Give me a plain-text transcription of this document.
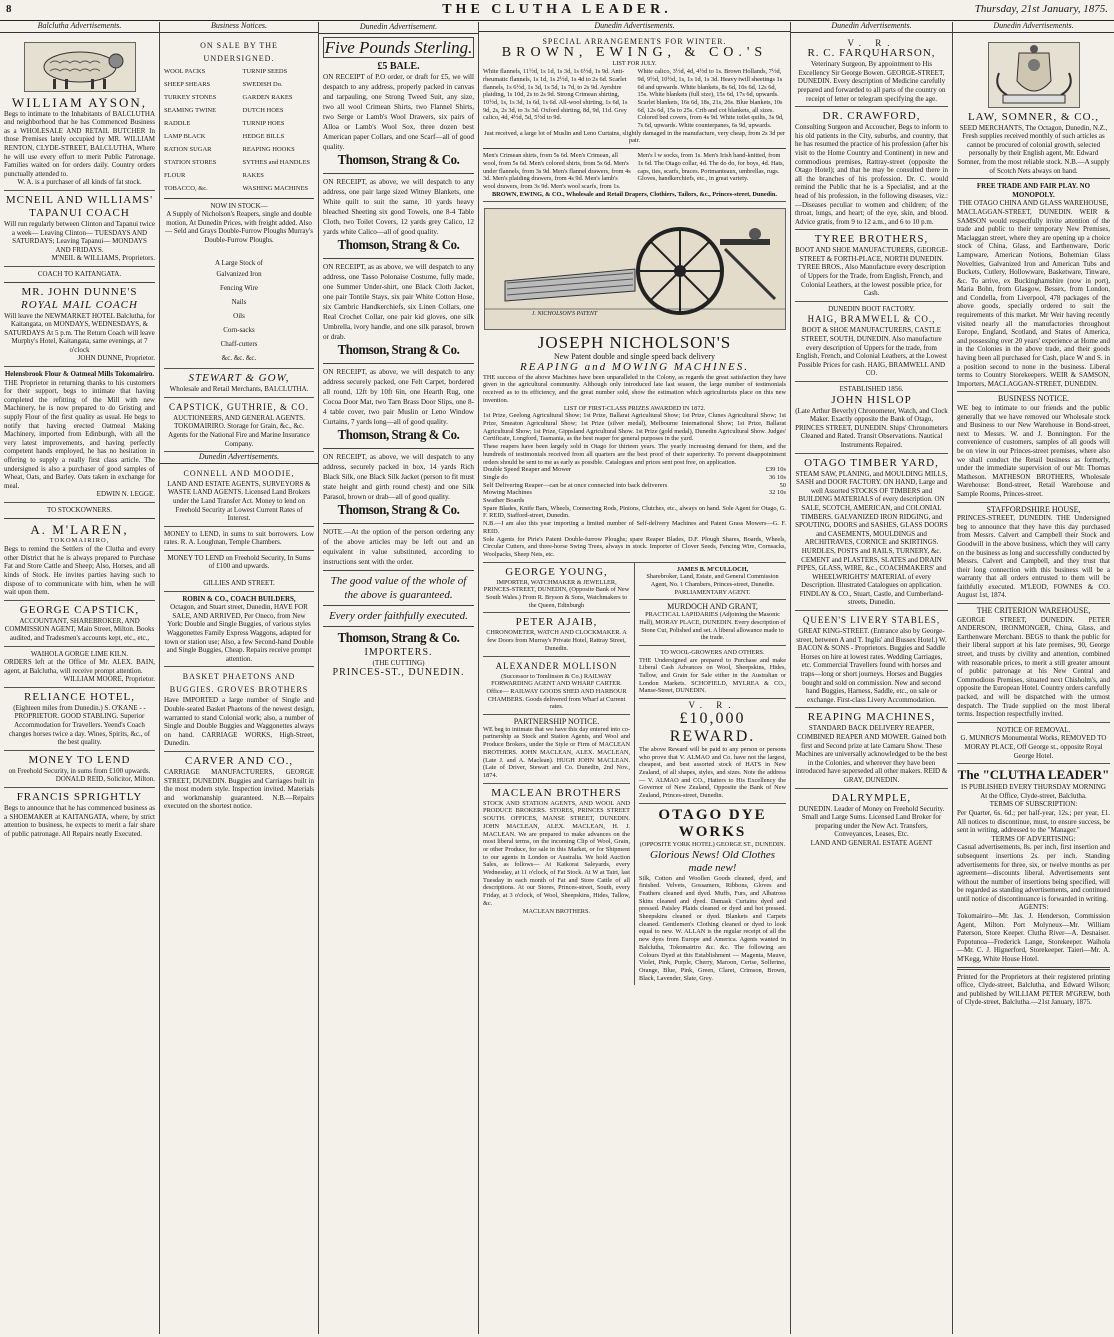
8	THE CLUTHA LEADER.	Thursday, 21st January, 1875.
Balclutha Advertisements.
WILLIAM AYSON,
Begs to intimate to the Inhabitants of BALCLUTHA and neighborhood that he has Commenced Business as a WHOLESALE AND RETAIL BUTCHER In those Premises lately occupied by MR. WILLIAM RENTON, CLYDE-STREET, BALCLUTHA, Where he will use every effort to merit Public Patronage. Families waited on for orders daily. Country orders punctually attended to.
W. A. is a purchaser of all kinds of fat stock.
MCNEIL AND WILLIAMS' TAPANUI COACH
Will run regularly between Clinton and Tapanui twice a week— Leaving Clinton— TUESDAYS AND SATURDAYS; Leaving Tapanui— MONDAYS AND FRIDAYS.
M'NEIL & WILLIAMS, Proprietors.
COACH TO KAITANGATA.
MR. JOHN DUNNE'S
ROYAL MAIL COACH
Will leave the NEWMARKET HOTEL Balclutha, for Kaitangata, on MONDAYS, WEDNESDAYS, & SATURDAYS At 5 p.m. The Return Coach will leave Murphy's Hotel, Kaitangata, same evenings, at 7 o'clock
JOHN DUNNE, Proprietor.
Helensbrook Flour & Oatmeal Mills Tokomairiro.
THE Proprietor in returning thanks to his customers for their support, begs to intimate that having completed the refitting of the Mill with new Machinery, he is now prepared to do Gristing and supply Flour of the first quality as usual. He begs to notify that having erected Oatmeal Making Machinery, imported from Edinburgh, with all the very latest improvements, and having perfectly competent hands employed, he has no hesitation in offering to supply a really first class article. The undersigned is also a purchaser of good samples of Wheat, Oats, and Barley. Oats taken in exchange for meal.
EDWIN N. LEGGE.
TO STOCKOWNERS.
A. M'LAREN,
TOKOMAIRIRO,
Begs to remind the Settlers of the Clutha and every other District that he is always prepared to Purchase Fat and Store Cattle and Sheep; Also, Horses, and all kinds of Stock. He invites parties having such to dispose of to communicate with him, when he will wait upon them.
GEORGE CAPSTICK,
ACCOUNTANT, SHAREBROKER, AND COMMISSION AGENT, Main Street, Milton. Books audited, and Tradesmen's accounts kept, etc., etc.,
WAIHOLA GORGE LIME KILN.
ORDERS left at the Office of Mr. ALEX. BAIN, agent, at Balclutha, will receive prompt attention.
WILLIAM MOORE, Proprietor.
RELIANCE HOTEL,
(Eighteen miles from Dunedin.) S. O'KANE - - PROPRIETOR. GOOD STABLING. Superior Accommodation for Travellers. Yeend's Coach changes horses twice a day. Wines, Spirits, &c., of the best quality.
MONEY TO LEND
on Freehold Security, in sums from £100 upwards.
DONALD REID, Solicitor, Milton.
FRANCIS SPRIGHTLY
Begs to announce that he has commenced business as a SHOEMAKER at KAITANGATA, where, by strict attention to business, he expects to merit a fair share of public patronage. All Repairs neatly Executed.
Business Notices.
ON SALE BY THE UNDERSIGNED.
WOOL PACKS
SHEEP SHEARS
TURKEY STONES
SEAMING TWINE
RADDLE
LAMP BLACK
RATION SUGAR
STATION STORES
FLOUR
TOBACCO, &c.
TURNIP SEEDS
SWEDISH Do.
GARDEN RAKES
DUTCH HOES
TURNIP HOES
HEDGE BILLS
REAPING HOOKS
SYTHES and HANDLES
RAKES
WASHING MACHINES
NOW IN STOCK—
A Supply of Nicholson's Reapers, single and double motion, At Dunedin Prices, with freight added. Also— Seld and Grays Double-Furrow Ploughs Murray's Double-Furrow Ploughs.
A Large Stock of
Galvanized Iron
Fencing Wire
Nails
Oils
Corn-sacks
Chaff-cutters
&c. &c. &c.
STEWART & GOW,
Wholesale and Retail Merchants, BALCLUTHA.
CAPSTICK, GUTHRIE, & CO.
AUCTIONEERS, AND GENERAL AGENTS. TOKOMAIRIRO. Storage for Grain, &c., &c. Agents for the National Fire and Marine Insurance Company.
Dunedin Advertisements.
CONNELL AND MOODIE,
LAND AND ESTATE AGENTS, SURVEYORS & WASTE LAND AGENTS. Licensed Land Brokers under the Land Transfer Act. Money to lend on Freehold Security at Lowest Current Rates of Interest.
MONEY to LEND, in sums to suit borrowers. Low rates. R. A. Loughnan, Temple Chambers.
MONEY TO LEND on Freehold Security, In Sums of £100 and upwards.
GILLIES AND STREET.
ROBIN & CO., COACH BUILDERS,
Octagon, and Stuart street, Dunedin, HAVE FOR SALE, AND ARRIVED, Per Oneco, from New York: Double and Single Buggies, of various styles Waggonettes Family Express Waggons, adapted for town or station use; Also, a few Second-hand Double and Single Buggies, Cheap. Repairs receive prompt attention.
BASKET PHAETONS AND BUGGIES. GROVES BROTHERS
Have IMPORTED a large number of Single and Double-seated Basket Phaetons of the newest design, warranted to stand Colonial work; also, a number of Single and Double Buggies and Waggonettes always on hand. CARRIAGE WORKS, High-Street, Dunedin.
CARVER AND CO.,
CARRIAGE MANUFACTURERS, GEORGE STREET, DUNEDIN. Buggies and Carriages built in the most modern style. Inspection invited. Materials and workmanship guaranteed. N.B.—Repairs executed on the shortest notice.
Dunedin Advertisement.
Five Pounds Sterling.
£5 BALE.
ON RECEIPT of P.O order, or draft for £5, we will despatch to any address, properly packed in canvas and tarpauling, one Strong Tweed Suit, any size, two all wool Crimean Shirts, two Flannel Shirts, two Serge or Lamb's Wool Drawers, six pairs of Alloa or Lamb's Wool Sox, three dozen best American paper Collars, and one Scarf—all of good quality.
Thomson, Strang & Co.
ON RECEIPT, as above, we will despatch to any address, one pair large sized Witney Blankets, one White quilt to suit the same, 10 yards heavy bleached Sheeting six good Towels, one 8-4 Table Cloth, two Toilet Covers, 12 yards grey Calico, 12 yards white Calico—all of good quality.
Thomson, Strang & Co.
ON RECEIPT, as as above, we will despatch to any address, one Tasso Polonaise Costume, fully made, one Summer Under-shirt, one Black Cloth Jacket, one pair Tontile Stays, six pair White Cotton Hose, six Cambric Handkerchiefs, six Linen Collars, one Real Crochet Collar, one pair kid gloves, one silk Umbrella, ivory handle, and one silk parasol, brown or drab.
Thomson, Strang & Co.
ON RECEIPT, as above, we will despatch to any address securely packed, one Felt Carpet, bordered all round, 12ft by 10ft 6in, one Hearth Rug, one Cocoa Door Mat, two Tarn Brass Door Slips, one 8-4 table cover, two pair Muslin or Leno Window Curtains, 7 yards long—all of good quality.
Thomson, Strang & Co.
ON RECEIPT, as above, we will despatch to any address, securely packed in box, 14 yards Rich Black Silk, one Black Silk Jacket (person to fit must state height and girth round chest) and one Silk Parasol, brown or drab—all of good quality.
Thomson, Strang & Co.
NOTE.—At the option of the person ordering any of the above articles may be left out and an equivalent in value substituted, according to instructions sent with the order.
The good value of the whole of the above is guaranteed.
Every order faithfully executed.
Thomson, Strang & Co.
IMPORTERS.
(THE CUTTING)
PRINCES-ST., DUNEDIN.
Dunedin Advertisements.
SPECIAL ARRANGEMENTS FOR WINTER.
BROWN, EWING, & CO.'S
LIST FOR JULY.
White flannels, 11½d, 1s 1d, 1s 3d, 1s 6½d, 1s 9d. Anti-rheumatic flannels, 1s 1d, 1s 2½d, 1s 4d to 2s 6d. Scarlet flannels, 1s 6½d, 1s 3d, 1s 5d, 1s 7d, to 2s 9d. Ayrshire plaiding, 1s 10d, 2s to 2s 9d. Strong Crimean shirting, 10½d, 1s, 1s 3d, 1s 6d, 1s 6d. All-wool shirting, 1s 6d, 1s 9d, 2s, 2s 3d, to 3s 3d. Oxford shirting, 8d, 9d, 11d. Grey calico, 4d, 4½d, 5d, 5½d to 9d.
White calico, 3½d, 4d, 4½d to 1s. Brown Hollands, 7½d, 9d, 9½d, 10½d, 1s, 1s 1d, 1s 3d. Heavy twill sheetings 1s 6d and upwards. White blankets, 8s 6d, 10s 6d, 12s 6d, 15s. White blankets (full size), 15s 6d, 17s 6d, upwards. Scarlet blankets, 16s 6d, 18s, 21s, 26s. Blue blankets, 10s 6d, 12s 6d, 15s to 25s. Crib and cot blankets, all sizes. Colored bed covers, from 4s 9d. White toilet quilts, 3s 9d, 7s 6d, upwards. White counterpanes, 6s 9d, upwards.
Just received, a large lot of Muslin and Leno Curtains, slightly damaged in the manufacture, very cheap, from 2s 3d per pair.
Men's Crimean shirts, from 5s 6d. Men's Crimean, all wool, from 5s 6d. Men's colored shirts, from 5s 6d. Men's under flannels, from 3s 9d. Men's flannel drawers, from 4s 3d. Men's plaiding drawers, from 4s 9d. Men's lamb's wool drawers, from 3s 9d. Men's wool scarfs, from 1s.
Men's l w socks, from 1s. Men's Irish hand-knitted, from 1s 6d. The Otago collar, 4d. The do do, for boys, 4d. Hats, caps, ties, scarfs, braces. Portmanteaux, umbrellas, rugs. Gloves, handkerchiefs, etc., in great variety.
BROWN, EWING, & CO., Wholesale and Retail Drapers, Clothiers, Tailors, &c., Princes-street, Dunedin.
J. NICHOLSON'S PATENT
JOSEPH NICHOLSON'S
New Patent double and single speed back delivery
REAPING and MOWING MACHINES.
THE success of the above Machines have been unparalleled in the Colony, as regards the great satisfaction they have given in the agricultural community. Although only introduced late last season, the large number of testimonials received as to its efficiency, and the great number sold, show the estimation which agriculturists place on this new invention.
LIST OF FIRST-CLASS PRIZES AWARDED IN 1872.
1st Prize, Geelong Agricultural Show; 1st Prize, Ballarat Agricultural Show; 1st Prize, Clunes Agricultural Show; 1st Prize, Smeaton Agricultural Show; 1st Prize (silver medal), Melbourne International Show; 1st Prize, Ballarat Agricultural Show; 1st Prize, Gippsland Agricultural Show. 1st Prize (gold medal), Dunedin Agricultural Show. Judges' Certificate, Longford, Tasmania, as the best reaper for general purposes in the yard.
These reapers have been largely sold in Otago for thirteen years. The yearly increasing demand for them, and the hundreds of testimonials received from all quarters are the best proof of their superiority. To prevent disappointment orders should be sent to me as early as possible. Catalogues and prices sent post free, on application.
Double Speed Reaper and Mower	£39 10s
Single do	36 10s
Self Delivering Reaper—can be at once connected into back deliverers	50
Mowing Machines	32 10s
Swather Boards	
Spare Blades, Knife Bars, Wheels, Connecting Rods, Pinions, Clutches, etc., always on hand. Sole Agent for Otago, G. F. REID, Stafford-street, Dunedin.
N.B.—I am also this year importing a limited number of Self-delivery Machines and Patent Grass Mowers—G. F. REID.
Sole Agents for Pirie's Patent Double-furrow Ploughs; spare Reaper Blades, D.F. Plough Shares, Boards, Wheels, Circular Cutters, and three-horse Swing Trees, always in stock. Importer of Clover Seeds, Fencing Wire, Cornsacks, Woolpacks, Sheep Nets, etc.
GEORGE YOUNG,
IMPORTER, WATCHMAKER & JEWELLER, PRINCES-STREET, DUNEDIN, (Opposite Bank of New South Wales.) From R. Bryson & Sons, Watchmakers to the Queen, Edinburgh
PETER AJAIB,
CHRONOMETER, WATCH AND CLOCKMAKER. A few Doors from Murray's Private Hotel, Rattray Street, Dunedin.
ALEXANDER MOLLISON
(Successor to Tomlinson & Co.) RAILWAY FORWARDING AGENT AND WHARF CARTER. Office— RAILWAY GOODS SHED AND HARBOUR CHAMBERS. Goods delivered from Wharf at Current rates.
PARTNERSHIP NOTICE.
WE beg to intimate that we have this day entered into co-partnership as Stock and Station Agents, and Wool and Produce Brokers, under the Style or Firm of MACLEAN BROTHERS. JOHN MACLEAN, ALEX. MACLEAN, (Late J. and A. Maclean). HUGH JOHN MACLEAN. (Late of Driver, Stewart and Co. Dunedin, 2nd Nov., 1874.
MACLEAN BROTHERS
STOCK AND STATION AGENTS, AND WOOL AND PRODUCE BROKERS. STORES, PRINCES STREET SOUTH. OFFICES, MANSE STREET, DUNEDIN. JOHN MACLEAN, ALEX. MACLEAN, H. J. MACLEAN. We are prepared to make advances on the most liberal terms, on the incoming Clip of Wool, Grain, or other Produce, for sale in this Market, or for Shipment to our agents in London or Australia. We hold Auction Sales, as follows— At Kaikorai Saleyards, every Wednesday, at 11 o'clock, of Fat Stock. At W at Tairi, last Tuesday in each month of Fat and Store Cattle of all descriptions. At our Stores, Princes-street, South, every Friday, at 3 o'clock, of Wool, Sheepskins, Hides, Tallow, &c.
MACLEAN BROTHERS.
JAMES B. M'CULLOCH,
Sharebroker, Land, Estate, and General Commission Agent, No. 1 Chambers, Princes-street, Dunedin. PARLIAMENTARY AGENT.
MURDOCH AND GRANT,
PRACTICAL LAPIDARIES (Adjoining the Masonic Hall), MORAY PLACE, DUNEDIN. Every description of Stone Cut, Polished and set. A liberal allowance made to the trade.
TO WOOL-GROWERS AND OTHERS.
THE Undersigned are prepared to Purchase and make Liberal Cash Advances on Wool, Sheepskins, Hides, Tallow, and Grain for Sale either in the Australian or London Markets. SCHOFIELD, MYLREA & CO., Manse-Street, DUNEDIN.
V. R.
£10,000 REWARD.
The above Reward will be paid to any person or persons who prove that V. ALMAO and Co. have not the largest, cheapest, and best assorted stock of HATS in New Zealand, of all shapes, styles, and sizes. Note the address— V. ALMAO and CO., Hatters to His Excellency the Governor of New Zealand, Opposite the Bank of New Zealand, Princes-street, Dunedin.
OTAGO DYE WORKS
(OPPOSITE YORK HOTEL) GEORGE ST., DUNEDIN.
Glorious News! Old Clothes made new!
Silk, Cotton and Woollen Goods cleaned, dyed, and finished. Velvets, Gossamers, Ribbons, Gloves and Feathers cleaned and dyed. Muffs, Furs, and Albatross Skins cleaned and dyed. Damask Curtains dyed and pressed. Paisley Plaids cleaned or dyed and hot pressed. Sheepskins cleaned or dyed. Blankets and Carpets cleaned. Gentlemen's Clothing cleaned or dyed to look equal to new. W. ALLAN is the regular receipt of all the new dyes from Europe and America. Agents wanted in Balclutha, Tokomairiro &c. &c. The following are Colours Dyed at this Establishment — Magenta, Mauve, Violet, Pink, Purple, Cherry, Maroon, Cerise, Solferino, Orange, Blue, Pink, Green, Claret, Crimson, Brown, Black, Lavender, Slate, Grey.
Dunedin Advertisements.
V. R.
R. C. FARQUHARSON,
Veterinary Surgeon, By appointment to His Excellency Sir George Bowen. GEORGE-STREET, DUNEDIN. Every description of Medicine carefully prepared and forwarded to all parts of the country on receipt of letter or telegram specifying the age.
DR. CRAWFORD,
Consulting Surgeon and Accoucher, Begs to inform to his old patients in the City, suburbs, and country, that he has resumed the practice of his profession (after his visit to the Home Country and Continent) in new and commodious premises, Rattray-street (opposite the Otago Hotel); and that he may be consulted there in all the branches of his profession. Dr. C. would remind the Public that he is a Specialist, and at the head of his profession, in the following diseases, viz.:—Diseases peculiar to women and children; of the throat, lungs, and heart; of the eye, skin, and blood. Advice gratis, from 9 to 12 a.m., and 6 to 10 p.m.
TYREE BROTHERS,
BOOT AND SHOE MANUFACTURERS, GEORGE-STREET & FORTH-PLACE, NORTH DUNEDIN. TYREE BROS., Also Manufacture every description of Uppers for the Trade, from English, French, and Colonial Leathers, at the lowest possible price, for Cash.
DUNEDIN BOOT FACTORY.
HAIG, BRAMWELL & CO.,
BOOT & SHOE MANUFACTURERS, CASTLE STREET, SOUTH, DUNEDIN. Also manufacture every description of Uppers for the trade, from English, French, and Colonial Leathers, at the Lowest Possible Prices for cash. HAIG, BRAMWELL AND CO.
ESTABLISHED 1856.
JOHN HISLOP
(Late Arthur Beverly) Chronometer, Watch, and Clock Maker. Exactly opposite the Bank of Otago, PRINCES STREET, DUNEDIN. Ships' Chronometers Cleaned and Rated. Transit Observations. Nautical Instruments Repaired.
OTAGO TIMBER YARD,
STEAM SAW, PLANING, and MOULDING MILLS, SASH and DOOR FACTORY. ON HAND, Large and well Assorted STOCKS OF TIMBERS and BUILDING MATERIALS of every description. ON SALE, SCOTCH, AMERICAN, and COLONIAL TIMBERS. GALVANIZED IRON RIDGING, and SPOUTING, DOORS and SASHES, GLASS DOORS and CASEMENTS, MOULDINGS and ARCHITRAVES, CORNICE and SKIRTINGS. HURDLES, POSTS and RAILS, TURNERY, &c. CEMENT and PLASTERS, SLATES and DRAIN PIPES, GLASS, WIRE, &c., COACHMAKERS' and WHEELWRIGHTS' MATERIAL of every Description. Illustrated Catalogues on application. FINDLAY & CO., Stuart, Castle, and Cumberland-streets, Dunedin.
QUEEN'S LIVERY STABLES,
GREAT KING-STREET. (Entrance also by George-street, between A and T. Inglis' and Bussex Hotel.) W. BACON & SONS - Proprietors. Buggies and Saddle Horses on hire at lowest rates. Wedding Carriages, etc. Commercial Travellers found with horses and traps—long or short journeys. Horses and Buggies bought and sold on commission. New and second hand Buggies, Harness, Saddle, etc., on sale or exchange. First-class Livery Accommodation.
REAPING MACHINES,
STANDARD BACK DELIVERY REAPER, COMBINED REAPER AND MOWER. Gained both first and Second prize at late Camaru Show. These Machines are universally acknowledged to be the best in the Colonies, and wherever they have been introduced have superseded all other makers. REID & GRAY, DUNEDIN.
DALRYMPLE,
DUNEDIN. Leader of Money on Freehold Security. Small and Large Sums. Licensed Land Broker for preparing under the New Act. Transfers, Conveyances, Leases, Etc.
LAND AND GENERAL ESTATE AGENT
Dunedin Advertisements.
LAW, SOMNER, & CO.,
SEED MERCHANTS, The Octagon, Dunedin, N.Z., Fresh supplies received monthly of such articles as cannot be procured of colonial growth, selected personally by their English agent, Mr. Edward Somner, from the most reliable stock. N.B.—A supply of Scotch Nets always on hand.
FREE TRADE AND FAIR PLAY. NO MONOPOLY.
THE OTAGO CHINA AND GLASS WAREHOUSE,
MACLAGGAN-STREET, DUNEDIN. WEIR & SAMSON would respectfully invite attention of the trade and public to their temporary New Premises, Maclaggan street, where they are opening up a choice stock of China, Glass, and Earthenware, Doric Lampware, American Notions, Bohemian Glass Novelties, Galvanized Iron and American Tubs and Buckets, Cutlery, Hollowware, Basketware, Tinware, &c. To arrive, ex Buckinghamshire (now in port), Maria Bohn, from Glasgow, Bessex, from London, and Condella, from Liverpool, 478 packages of the above goods, specially ordered to suit the requirements of this market. Mr Weir having recently visited nearly all the manufactories throughout Europe, England, Scotland, and States of America, and possessing over 20 years' experience at Home and in the Colonies in the above trade, and their goods having been all purchased for Cash, place W and S. in a position second to none in the business. Liberal terms to Country Storekeepers. WEIR & SAMSON, Importers, MACLAGGAN-STREET, DUNEDIN.
BUSINESS NOTICE.
WE beg to intimate to our friends and the public generally that we have removed our Wholesale stock and Business to our New Warehouse in Bond-street, next to Messrs. W. and J. Bonnington. For the convenience of customers, samples of all goods will be on view in our Princes-street premises, where also we shall conduct the Retail business as formerly, under the immediate supervision of our Mr. Thomas Matheson. MATHESON BROTHERS, Wholesale Warehouse: Bond-street, Retail Warehouse and Sample Rooms, Princes-street.
STAFFORDSHIRE HOUSE,
PRINCES-STREET, DUNEDIN. THE Undersigned beg to announce that they have this day purchased from Messrs. Calvert and Campbell their Stock and Goodwill in the above business, which they will carry on the business as long and successfully conducted by Messrs. Calvert and Campbell, and they trust that their long connection with this business will be a warranty that all orders entrusted to them will be faithfully executed. M'LEOD, FOWNES & CO. August 1st, 1874.
THE CRITERION WAREHOUSE,
GEORGE STREET, DUNEDIN. PETER ANDERSON, IRONMONGER, China, Glass, and Earthenware Merchant. BEGS to thank the public for their liberal support at his late premises, 90, George street, and trusts by civility and attention, combined with reasonable prices, to merit a still greater amount of public patronage at his New Central and Commodious Premises, situated next Chisholm's, and opposite the European Hotel. Country orders carefully packed, and will be dispatched with the utmost despatch. The Trade supplied on the most liberal terms. Inspection respectfully invited.
NOTICE OF REMOVAL.
G. MUNRO'S Monumental Works, REMOVED TO MORAY PLACE, Off George st., opposite Royal George Hotel.
The "CLUTHA LEADER"
IS PUBLISHED EVERY THURSDAY MORNING At the Office, Clyde-street, Balclutha.
TERMS OF SUBSCRIPTION:
Per Quarter, 6s. 6d.; per half-year, 12s.; per year, £1. All notices to discontinue, must, to ensure success, be sent in writing, addressed to the "Manager."
TERMS OF ADVERTISING:
Casual advertisements, 8s. per inch, first insertion and subsequent insertions 2s. per inch. Standing advertisements for three, six, or twelve months as per agreement—discounts liberal. Advertisements sent without the number of insertions being specified, will be regarded as standing advertisements, and continued until notice of discontinuance is forwarded in writing.
AGENTS:
Tokomairiro—Mr. Jas. J. Henderson, Commission Agent, Milton. Port Molyneux—Mr. William Paterson, Store Keeper. Clutha River—A. Desnaiser. Popotunoa—Frederick Lange, Storekeeper. Waihola—Mr. C. J. Hignerford, Storekeeper. Taieri—Mr. A. M'Kegg, White House Hotel.
Printed for the Proprietors at their registered printing office, Clyde-street, Balclutha, and Edward Wilson; and published by WILLIAM PETER M'GREW, both of Clyde-street, Balclutha.—21st January, 1875.
